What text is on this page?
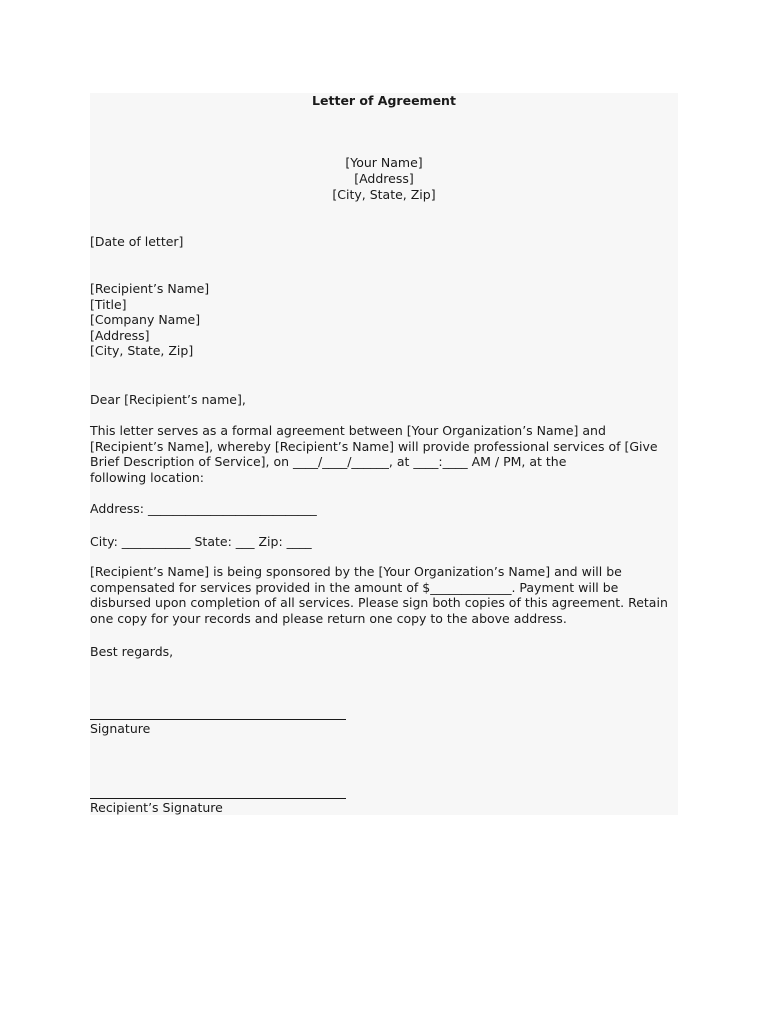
Letter of Agreement
[Your Name]
[Address]
[City, State, Zip]
[Date of letter]
[Recipient’s Name]
[Title]
[Company Name]
[Address]
[City, State, Zip]
Dear [Recipient’s name],
This letter serves as a formal agreement between [Your Organization’s Name] and
[Recipient’s Name], whereby [Recipient’s Name] will provide professional services of [Give
Brief Description of Service], on ____/____/______, at ____:____ AM / PM, at the
following location:
Address: ___________________________
City: ___________ State: ___ Zip: ____
[Recipient’s Name] is being sponsored by the [Your Organization’s Name] and will be
compensated for services provided in the amount of $_____________. Payment will be
disbursed upon completion of all services. Please sign both copies of this agreement. Retain
one copy for your records and please return one copy to the above address.
Best regards,
Signature
Recipient’s Signature
